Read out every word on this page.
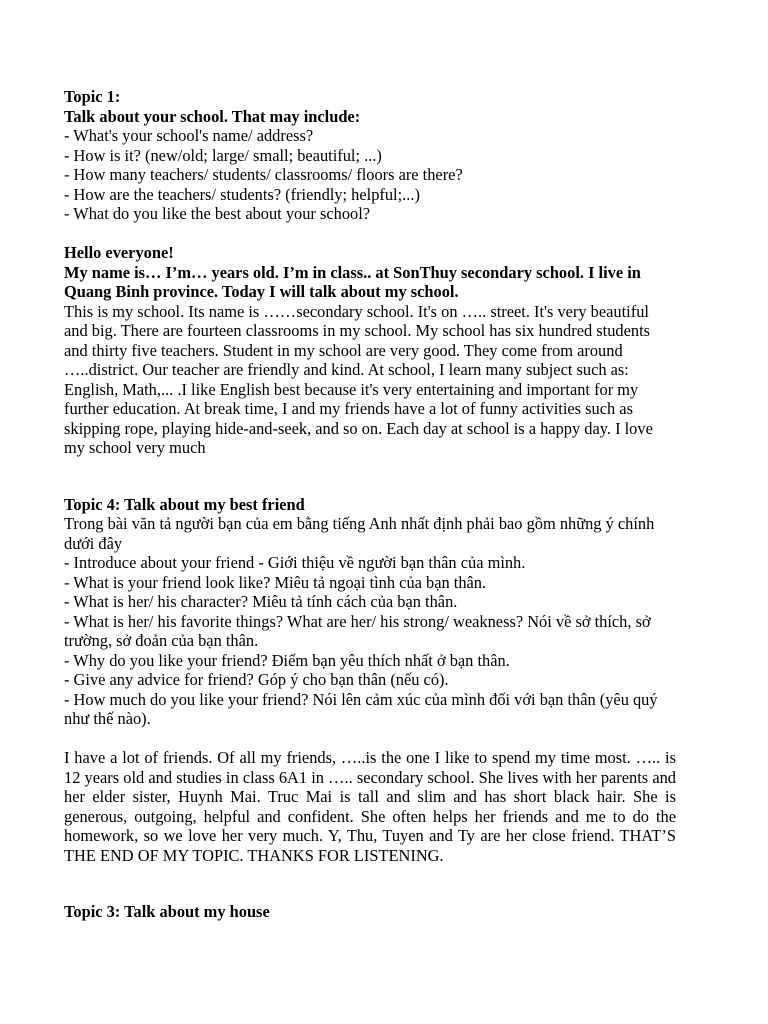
Topic 1:
Talk about your school. That may include:
- What's your school's name/ address?
- How is it? (new/old; large/ small; beautiful; ...)
- How many teachers/ students/ classrooms/ floors are there?
- How are the teachers/ students? (friendly; helpful;...)
- What do you like the best about your school?
Hello everyone!
My name is… I’m… years old. I’m in class.. at SonThuy secondary school. I live in Quang Binh province. Today I will talk about my school.
This is my school. Its name is ……secondary school. It's on ….. street. It's very beautiful and big. There are fourteen classrooms in my school. My school has six hundred students and thirty five teachers. Student in my school are very good. They come from around …..district. Our teacher are friendly and kind. At school, I learn many subject such as: English, Math,... .I like English best because it's very entertaining and important for my further education. At break time, I and my friends have a lot of funny activities such as skipping rope, playing hide-and-seek, and so on. Each day at school is a happy day. I love my school very much
Topic 4: Talk about my best friend
Trong bài văn tả người bạn của em bằng tiếng Anh nhất định phải bao gồm những ý chính dưới đây
- Introduce about your friend - Giới thiệu về người bạn thân của mình.
- What is your friend look like? Miêu tả ngoại tình của bạn thân.
- What is her/ his character? Miêu tả tính cách của bạn thân.
- What is her/ his favorite things? What are her/ his strong/ weakness? Nói về sở thích, sở trường, sở đoản của bạn thân.
- Why do you like your friend? Điểm bạn yêu thích nhất ở bạn thân.
- Give any advice for friend? Góp ý cho bạn thân (nếu có).
- How much do you like your friend? Nói lên cảm xúc của mình đối với bạn thân (yêu quý như thế nào).
I have a lot of friends. Of all my friends, …..is the one I like to spend my time most. ….. is 12 years old and studies in class 6A1 in ….. secondary school. She lives with her parents and her elder sister, Huynh Mai. Truc Mai is tall and slim and has short black hair. She is generous, outgoing, helpful and confident. She often helps her friends and me to do the homework, so we love her very much. Y, Thu, Tuyen and Ty are her close friend. THAT’S THE END OF MY TOPIC. THANKS FOR LISTENING.
Topic 3: Talk about my house
